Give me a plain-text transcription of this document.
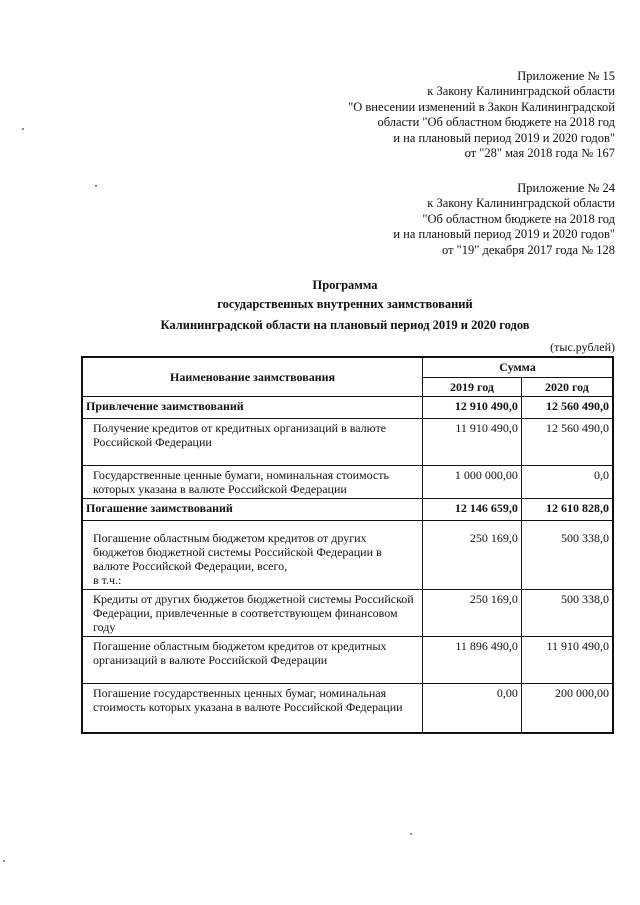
Приложение № 15
к Закону Калининградской области
"О внесении изменений в Закон Калининградской
области "Об областном бюджете на 2018 год
и на плановый период 2019 и 2020 годов"
от "28" мая 2018 года № 167
Приложение № 24
к Закону Калининградской области
"Об областном бюджете на 2018 год
и на плановый период 2019 и 2020 годов"
от "19" декабря 2017 года № 128
Программа
государственных внутренних заимствований
Калининградской области на плановый период 2019 и 2020 годов
(тыс.рублей)
Наименование заимствования	Сумма	
	2019 год	2020 год
Привлечение заимствований	12 910 490,0	12 560 490,0
Получение кредитов от кредитных организаций в валюте Российской Федерации	11 910 490,0	12 560 490,0
Государственные ценные бумаги, номинальная стоимость которых указана в валюте Российской Федерации	1 000 000,00	0,0
Погашение заимствований	12 146 659,0	12 610 828,0

Погашение областным бюджетом кредитов от других бюджетов бюджетной системы Российской Федерации в валюте Российской Федерации, всего,
в т.ч.:	250 169,0	500 338,0
Кредиты от других бюджетов бюджетной системы Российской Федерации, привлеченные в соответствующем финансовом году	250 169,0	500 338,0
Погашение областным бюджетом кредитов от кредитных организаций в валюте Российской Федерации	11 896 490,0	11 910 490,0
Погашение государственных ценных бумаг, номинальная стоимость которых указана в валюте Российской Федерации	0,00	200 000,00
